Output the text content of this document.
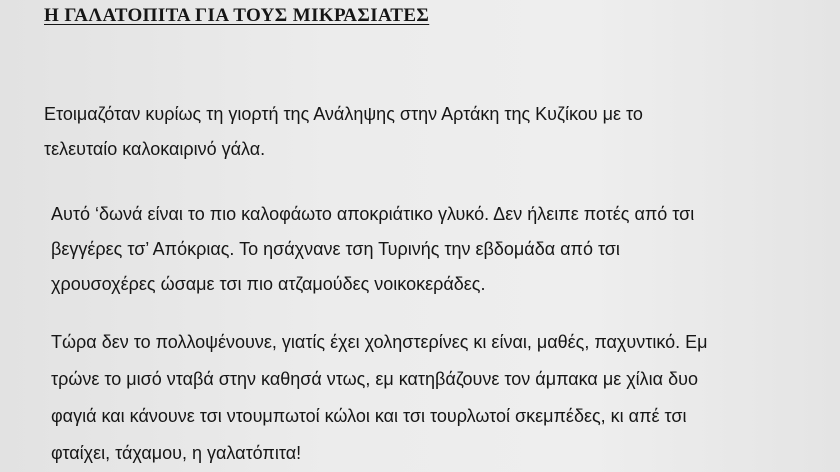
Η ΓΑΛΑΤΟΠΙΤΑ ΓΙΑ ΤΟΥΣ ΜΙΚΡΑΣΙΑΤΕΣ

Ετοιμαζόταν κυρίως τη γιορτή της Ανάληψης στην Αρτάκη της Κυζίκου με το
τελευταίο καλοκαιρινό γάλα.

Αυτό ‘δωνά είναι το πιο καλοφάωτο αποκριάτικο γλυκό. Δεν ήλειπε ποτές από τσι
βεγγέρες τσ’ Απόκριας. Το ησάχνανε τση Τυρινής την εβδομάδα από τσι
χρουσοχέρες ώσαμε τσι πιο ατζαμούδες νοικοκεράδες.

Τώρα δεν το πολλοψένουνε, γιατίς έχει χοληστερίνες κι είναι, μαθές, παχυντικό. Εμ
τρώνε το μισό νταβά στην καθησά ντως, εμ κατηβάζουνε τον άμπακα με χίλια δυο
φαγιά και κάνουνε τσι ντουμπωτοί κώλοι και τσι τουρλωτοί σκεμπέδες, κι απέ τσι
φταίχει, τάχαμου, η γαλατόπιτα!
